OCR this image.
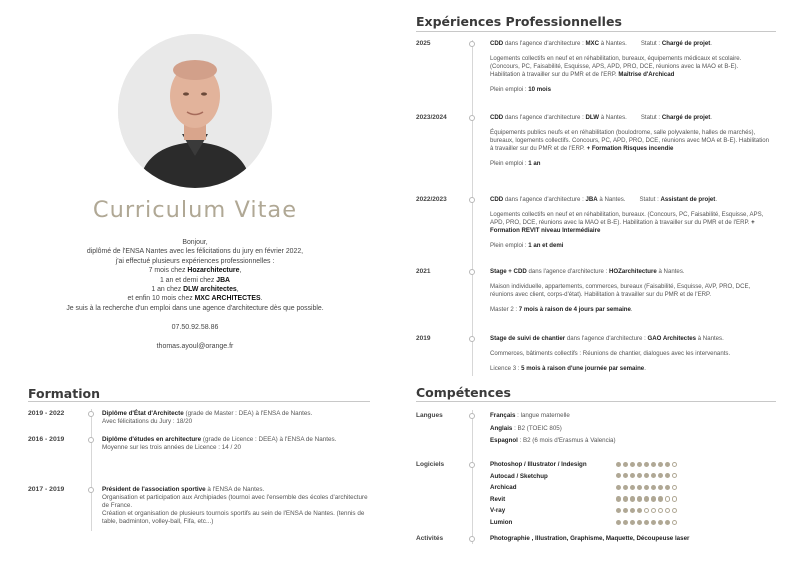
Curriculum Vitae
Bonjour,
diplômé de l'ENSA Nantes avec les félicitations du jury en février 2022,
j'ai effectué plusieurs expériences professionnelles :
7 mois chez Hozarchitecture,
1 an et demi chez JBA
1 an chez DLW architectes,
et enfin 10 mois chez MXC ARCHITECTES.
Je suis à la recherche d'un emploi dans une agence d'architecture dès que possible.
07.50.92.58.86
thomas.ayoul@orange.fr
Formation
2019 - 2022	Diplôme d'État d'Architecte (grade de Master : DEA) à l'ENSA de Nantes.
Avec félicitations du Jury : 18/20
2016 - 2019	Diplôme d'études en architecture (grade de Licence : DEEA) à l'ENSA de Nantes.
Moyenne sur les trois années de Licence : 14 / 20
2017 - 2019	Président de l'association sportive à l'ENSA de Nantes.
Organisation et participation aux Archipiades (tournoi avec l'ensemble des écoles d'architecture de France.
Création et organisation de plusieurs tournois sportifs au sein de l'ENSA de Nantes. (tennis de table, badminton, volley-ball, Fifa, etc...)
Expériences Professionnelles
2025	CDD dans l'agence d'architecture : MXC à Nantes. Statut : Chargé de projet.
Logements collectifs en neuf et en réhabilitation, bureaux, équipements médicaux et scolaire. (Concours, PC, Faisabilité, Esquisse, APS, APD, PRO, DCE, réunions avec la MAO et B-E). Habilitation à travailler sur du PMR et de l'ERP. Maîtrise d'Archicad
Plein emploi : 10 mois
2023/2024	CDD dans l'agence d'architecture : DLW à Nantes. Statut : Chargé de projet.
Équipements publics neufs et en réhabilitation (boulodrome, salle polyvalente, halles de marchés), bureaux, logements collectifs. Concours, PC, APD, PRO, DCE, réunions avec MOA et B-E). Habilitation à travailler sur du PMR et de l'ERP. + Formation Risques incendie
Plein emploi : 1 an
2022/2023	CDD dans l'agence d'architecture : JBA à Nantes. Statut : Assistant de projet.
Logements collectifs en neuf et en réhabilitation, bureaux. (Concours, PC, Faisabilité, Esquisse, APS, APD, PRO, DCE, réunions avec la MAO et B-E). Habilitation à travailler sur du PMR et de l'ERP. + Formation REVIT niveau Intermédiaire
Plein emploi : 1 an et demi
2021	Stage + CDD dans l'agence d'architecture : HOZarchitecture à Nantes.
Maison individuelle, appartements, commerces, bureaux (Faisabilité, Esquisse, AVP, PRO, DCE, réunions avec client, corps-d'état). Habilitation à travailler sur du PMR et de l'ERP.
Master 2 : 7 mois à raison de 4 jours par semaine.
2019	Stage de suivi de chantier dans l'agence d'architecture : GAO Architectes à Nantes.
Commerces, bâtiments collectifs : Réunions de chantier, dialogues avec les intervenants.
Licence 3 : 5 mois à raison d'une journée par semaine.
Compétences
Langues	Français : langue maternelle
Anglais : B2 (TOEIC 805)
Espagnol : B2 (6 mois d'Erasmus à Valencia)
Logiciels	Photoshop / Illustrator / Indesign
Autocad / Sketchup
Archicad
Revit
V-ray
Lumion
Activités	Photographie , Illustration, Graphisme, Maquette, Découpeuse laser
